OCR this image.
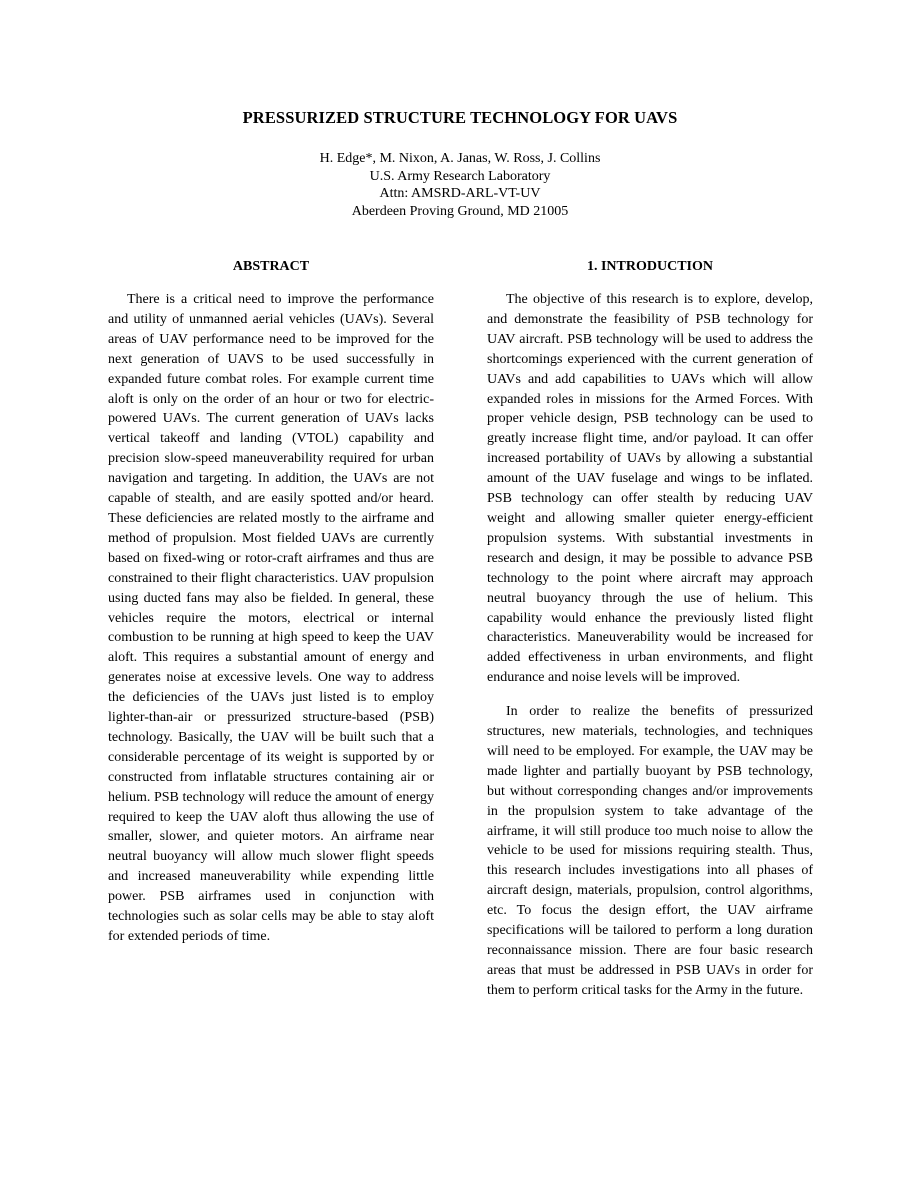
PRESSURIZED STRUCTURE TECHNOLOGY FOR UAVS
H. Edge*, M. Nixon, A. Janas, W. Ross, J. Collins
U.S. Army Research Laboratory
Attn: AMSRD-ARL-VT-UV
Aberdeen Proving Ground, MD 21005
ABSTRACT

There is a critical need to improve the performance and utility of unmanned aerial vehicles (UAVs). Several areas of UAV performance need to be improved for the next generation of UAVS to be used successfully in expanded future combat roles. For example current time aloft is only on the order of an hour or two for electric-powered UAVs. The current generation of UAVs lacks vertical takeoff and landing (VTOL) capability and precision slow-speed maneuverability required for urban navigation and targeting. In addition, the UAVs are not capable of stealth, and are easily spotted and/or heard. These deficiencies are related mostly to the airframe and method of propulsion. Most fielded UAVs are currently based on fixed-wing or rotor-craft airframes and thus are constrained to their flight characteristics. UAV propulsion using ducted fans may also be fielded. In general, these vehicles require the motors, electrical or internal combustion to be running at high speed to keep the UAV aloft. This requires a substantial amount of energy and generates noise at excessive levels. One way to address the deficiencies of the UAVs just listed is to employ lighter-than-air or pressurized structure-based (PSB) technology. Basically, the UAV will be built such that a considerable percentage of its weight is supported by or constructed from inflatable structures containing air or helium. PSB technology will reduce the amount of energy required to keep the UAV aloft thus allowing the use of smaller, slower, and quieter motors. An airframe near neutral buoyancy will allow much slower flight speeds and increased maneuverability while expending little power. PSB airframes used in conjunction with technologies such as solar cells may be able to stay aloft for extended periods of time.

1. INTRODUCTION

The objective of this research is to explore, develop, and demonstrate the feasibility of PSB technology for UAV aircraft. PSB technology will be used to address the shortcomings experienced with the current generation of UAVs and add capabilities to UAVs which will allow expanded roles in missions for the Armed Forces. With proper vehicle design, PSB technology can be used to greatly increase flight time, and/or payload. It can offer increased portability of UAVs by allowing a substantial amount of the UAV fuselage and wings to be inflated. PSB technology can offer stealth by reducing UAV weight and allowing smaller quieter energy-efficient propulsion systems. With substantial investments in research and design, it may be possible to advance PSB technology to the point where aircraft may approach neutral buoyancy through the use of helium. This capability would enhance the previously listed flight characteristics. Maneuverability would be increased for added effectiveness in urban environments, and flight endurance and noise levels will be improved.

In order to realize the benefits of pressurized structures, new materials, technologies, and techniques will need to be employed. For example, the UAV may be made lighter and partially buoyant by PSB technology, but without corresponding changes and/or improvements in the propulsion system to take advantage of the airframe, it will still produce too much noise to allow the vehicle to be used for missions requiring stealth. Thus, this research includes investigations into all phases of aircraft design, materials, propulsion, control algorithms, etc. To focus the design effort, the UAV airframe specifications will be tailored to perform a long duration reconnaissance mission. There are four basic research areas that must be addressed in PSB UAVs in order for them to perform critical tasks for the Army in the future.
